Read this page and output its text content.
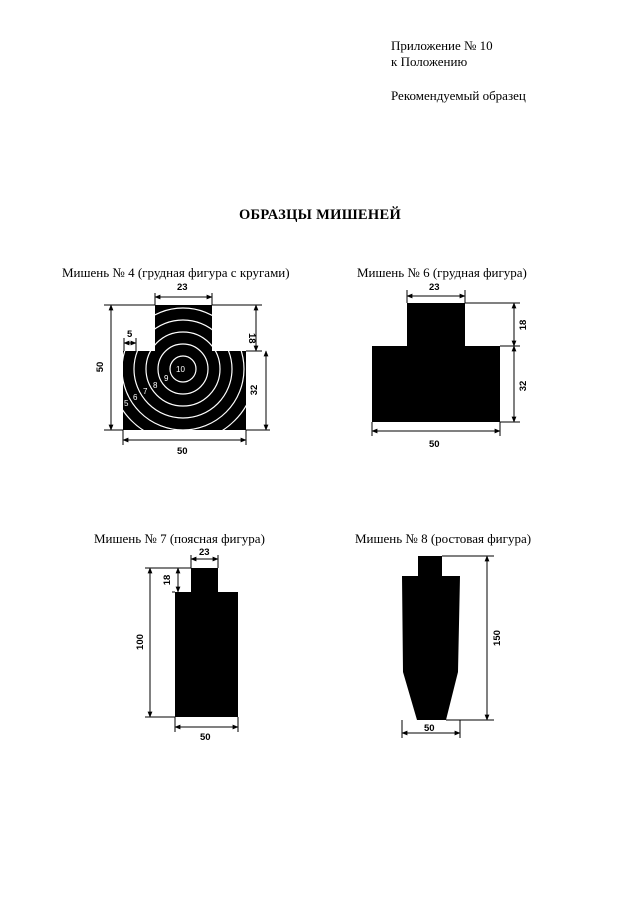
Приложение № 10
к Положению
Рекомендуемый образец
ОБРАЗЦЫ МИШЕНЕЙ
Мишень № 4 (грудная фигура с кругами)	Мишень № 6 (грудная фигура)
Мишень № 7 (поясная фигура)	Мишень № 8 (ростовая фигура)
10
9
8
7
6
5
23
18
32
50
5
50
23
18
32
50
23
18
100
50
150
50
